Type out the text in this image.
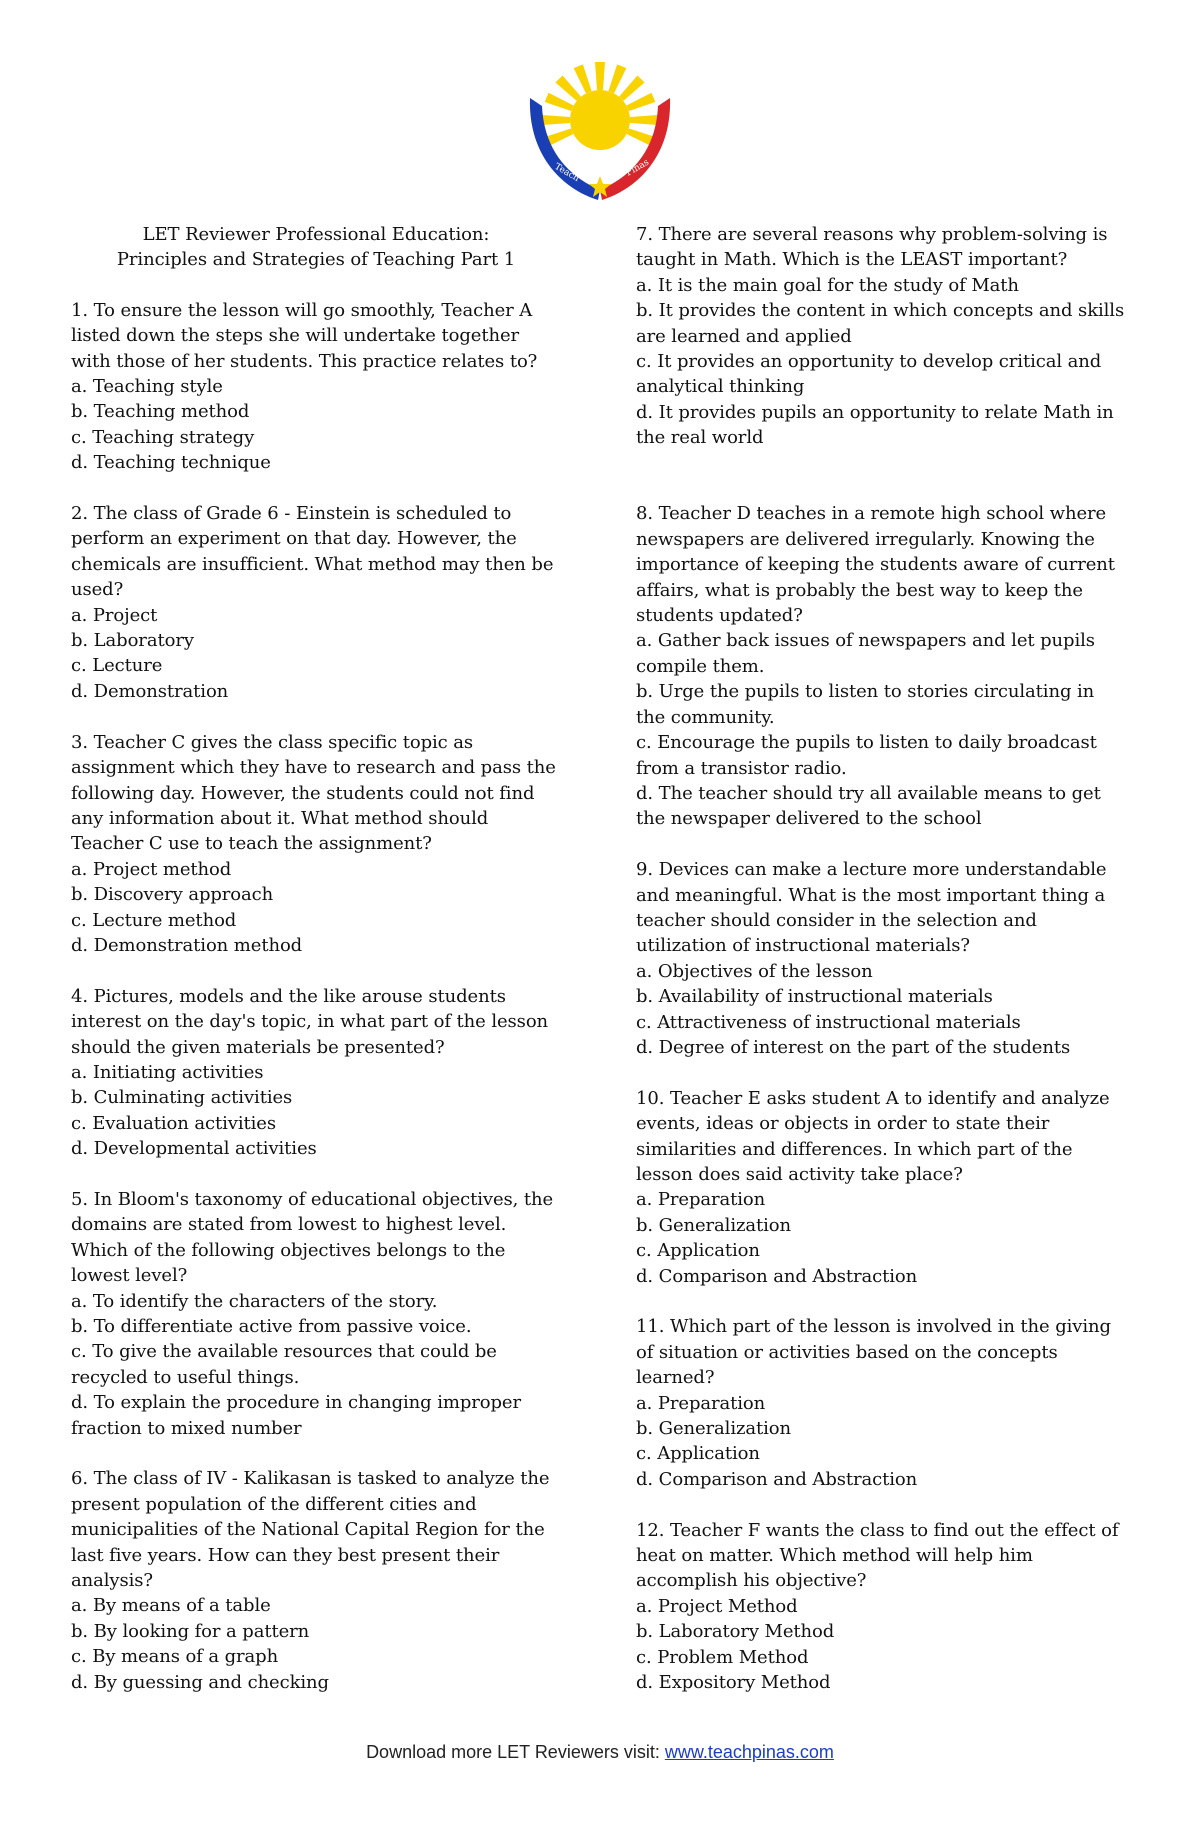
Teach	Pinas
LET Reviewer Professional Education:
Principles and Strategies of Teaching Part 1
1. To ensure the lesson will go smoothly, Teacher A listed down the steps she will undertake together with those of her students. This practice relates to?
a. Teaching style
b. Teaching method
c. Teaching strategy
d. Teaching technique
2. The class of Grade 6 - Einstein is scheduled to perform an experiment on that day. However, the chemicals are insufficient. What method may then be used?
a. Project
b. Laboratory
c. Lecture
d. Demonstration
3. Teacher C gives the class specific topic as assignment which they have to research and pass the following day. However, the students could not find any information about it. What method should Teacher C use to teach the assignment?
a. Project method
b. Discovery approach
c. Lecture method
d. Demonstration method
4. Pictures, models and the like arouse students interest on the day's topic, in what part of the lesson should the given materials be presented?
a. Initiating activities
b. Culminating activities
c. Evaluation activities
d. Developmental activities
5. In Bloom's taxonomy of educational objectives, the domains are stated from lowest to highest level. Which of the following objectives belongs to the lowest level?
a. To identify the characters of the story.
b. To differentiate active from passive voice.
c. To give the available resources that could be recycled to useful things.
d. To explain the procedure in changing improper fraction to mixed number
6. The class of IV - Kalikasan is tasked to analyze the present population of the different cities and municipalities of the National Capital Region for the last five years. How can they best present their analysis?
a. By means of a table
b. By looking for a pattern
c. By means of a graph
d. By guessing and checking
7. There are several reasons why problem-solving is taught in Math. Which is the LEAST important?
a. It is the main goal for the study of Math
b. It provides the content in which concepts and skills are learned and applied
c. It provides an opportunity to develop critical and analytical thinking
d. It provides pupils an opportunity to relate Math in the real world
8. Teacher D teaches in a remote high school where newspapers are delivered irregularly. Knowing the importance of keeping the students aware of current affairs, what is probably the best way to keep the students updated?
a. Gather back issues of newspapers and let pupils compile them.
b. Urge the pupils to listen to stories circulating in the community.
c. Encourage the pupils to listen to daily broadcast from a transistor radio.
d. The teacher should try all available means to get the newspaper delivered to the school
9. Devices can make a lecture more understandable and meaningful. What is the most important thing a teacher should consider in the selection and utilization of instructional materials?
a. Objectives of the lesson
b. Availability of instructional materials
c. Attractiveness of instructional materials
d. Degree of interest on the part of the students
10. Teacher E asks student A to identify and analyze events, ideas or objects in order to state their similarities and differences. In which part of the lesson does said activity take place?
a. Preparation
b. Generalization
c. Application
d. Comparison and Abstraction
11. Which part of the lesson is involved in the giving of situation or activities based on the concepts learned?
a. Preparation
b. Generalization
c. Application
d. Comparison and Abstraction
12. Teacher F wants the class to find out the effect of heat on matter. Which method will help him accomplish his objective?
a. Project Method
b. Laboratory Method
c. Problem Method
d. Expository Method
Download more LET Reviewers visit: www.teachpinas.com
